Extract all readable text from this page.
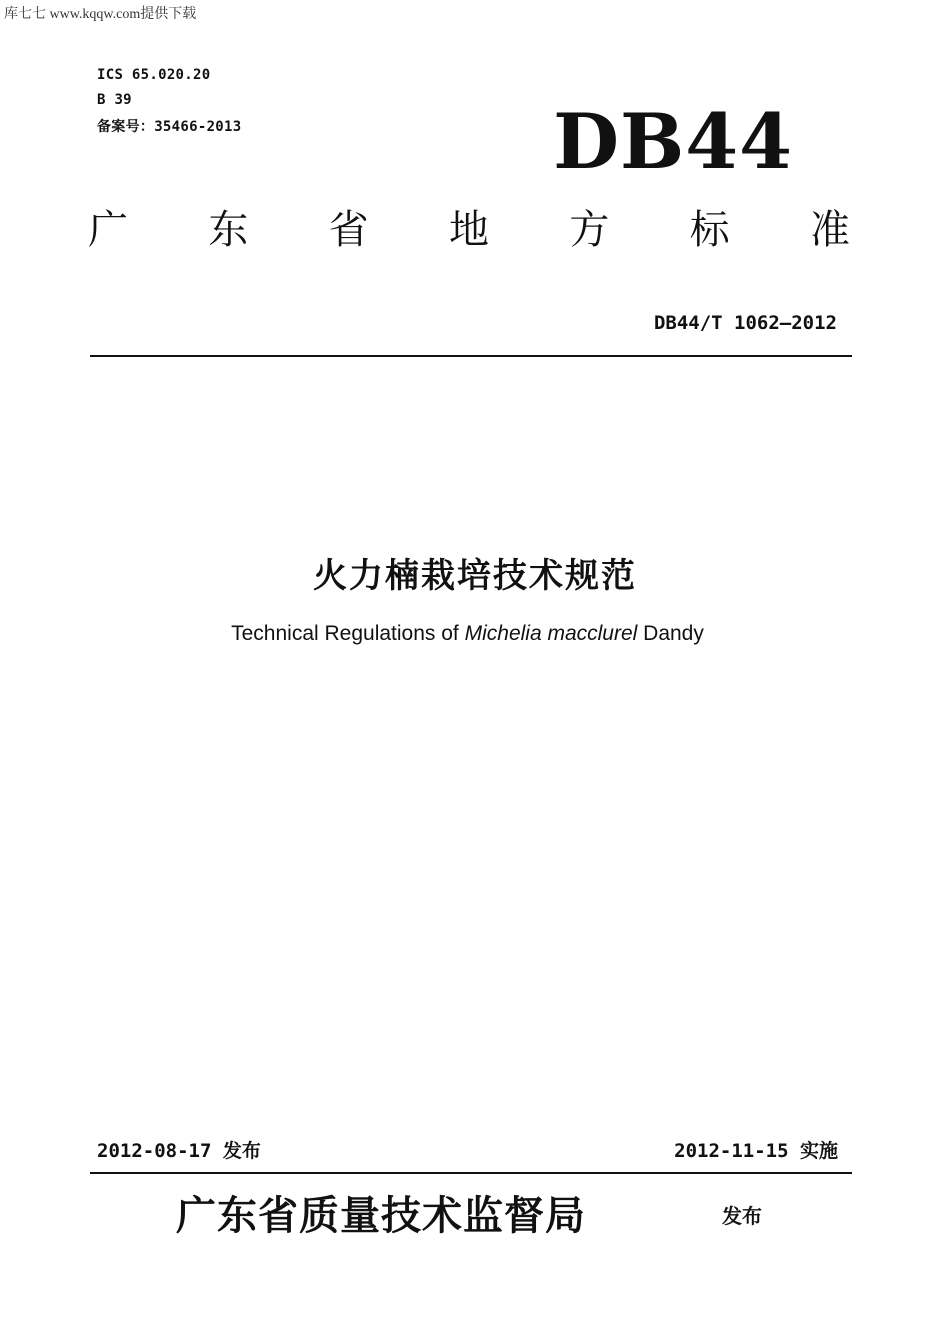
库七七 www.kqqw.com提供下载
ICS 65.020.20
B 39
备案号：35466-2013	DB44
广 东 省 地 方 标 准
DB44/T 1062—2012
火力楠栽培技术规范
Technical Regulations of Michelia macclurel Dandy
2012-08-17 发布	2012-11-15 实施
广东省质量技术监督局	发布
